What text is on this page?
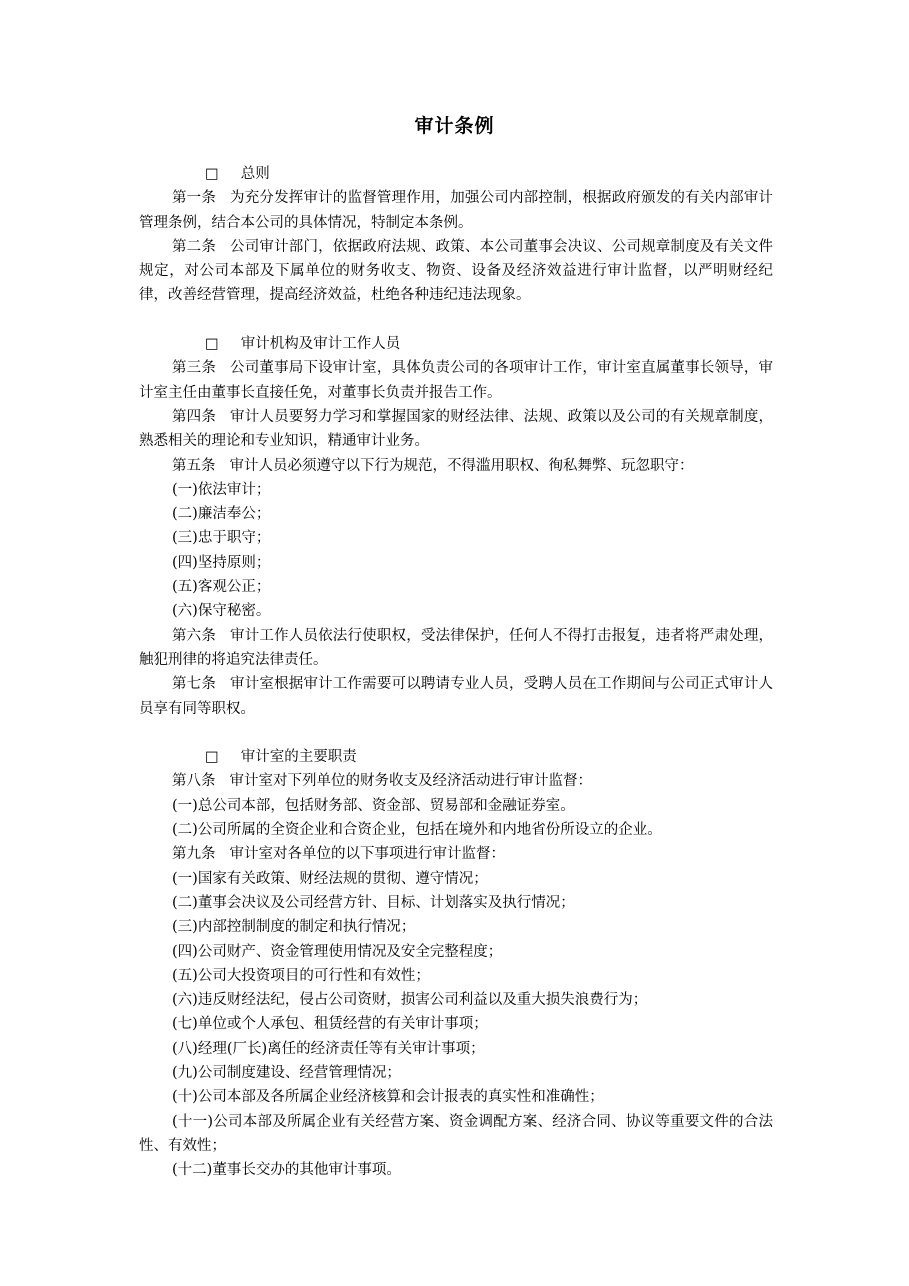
审计条例

□ 总则

第一条 为充分发挥审计的监督管理作用，加强公司内部控制，根据政府颁发的有关内部审计管理条例，结合本公司的具体情况，特制定本条例。

第二条 公司审计部门，依据政府法规、政策、本公司董事会决议、公司规章制度及有关文件规定，对公司本部及下属单位的财务收支、物资、设备及经济效益进行审计监督，以严明财经纪律，改善经营管理，提高经济效益，杜绝各种违纪违法现象。

□ 审计机构及审计工作人员

第三条 公司董事局下设审计室，具体负责公司的各项审计工作，审计室直属董事长领导，审计室主任由董事长直接任免，对董事长负责并报告工作。

第四条 审计人员要努力学习和掌握国家的财经法律、法规、政策以及公司的有关规章制度，熟悉相关的理论和专业知识，精通审计业务。

第五条 审计人员必须遵守以下行为规范，不得滥用职权、徇私舞弊、玩忽职守：

(一)依法审计；

(二)廉洁奉公；

(三)忠于职守；

(四)坚持原则；

(五)客观公正；

(六)保守秘密。

第六条 审计工作人员依法行使职权，受法律保护，任何人不得打击报复，违者将严肃处理，触犯刑律的将追究法律责任。

第七条 审计室根据审计工作需要可以聘请专业人员，受聘人员在工作期间与公司正式审计人员享有同等职权。

□ 审计室的主要职责

第八条 审计室对下列单位的财务收支及经济活动进行审计监督：

(一)总公司本部，包括财务部、资金部、贸易部和金融证券室。

(二)公司所属的全资企业和合资企业，包括在境外和内地省份所设立的企业。

第九条 审计室对各单位的以下事项进行审计监督：

(一)国家有关政策、财经法规的贯彻、遵守情况；

(二)董事会决议及公司经营方针、目标、计划落实及执行情况；

(三)内部控制制度的制定和执行情况；

(四)公司财产、资金管理使用情况及安全完整程度；

(五)公司大投资项目的可行性和有效性；

(六)违反财经法纪，侵占公司资财，损害公司利益以及重大损失浪费行为；

(七)单位或个人承包、租赁经营的有关审计事项；

(八)经理(厂长)离任的经济责任等有关审计事项；

(九)公司制度建设、经营管理情况；

(十)公司本部及各所属企业经济核算和会计报表的真实性和准确性；

(十一)公司本部及所属企业有关经营方案、资金调配方案、经济合同、协议等重要文件的合法性、有效性；

(十二)董事长交办的其他审计事项。
